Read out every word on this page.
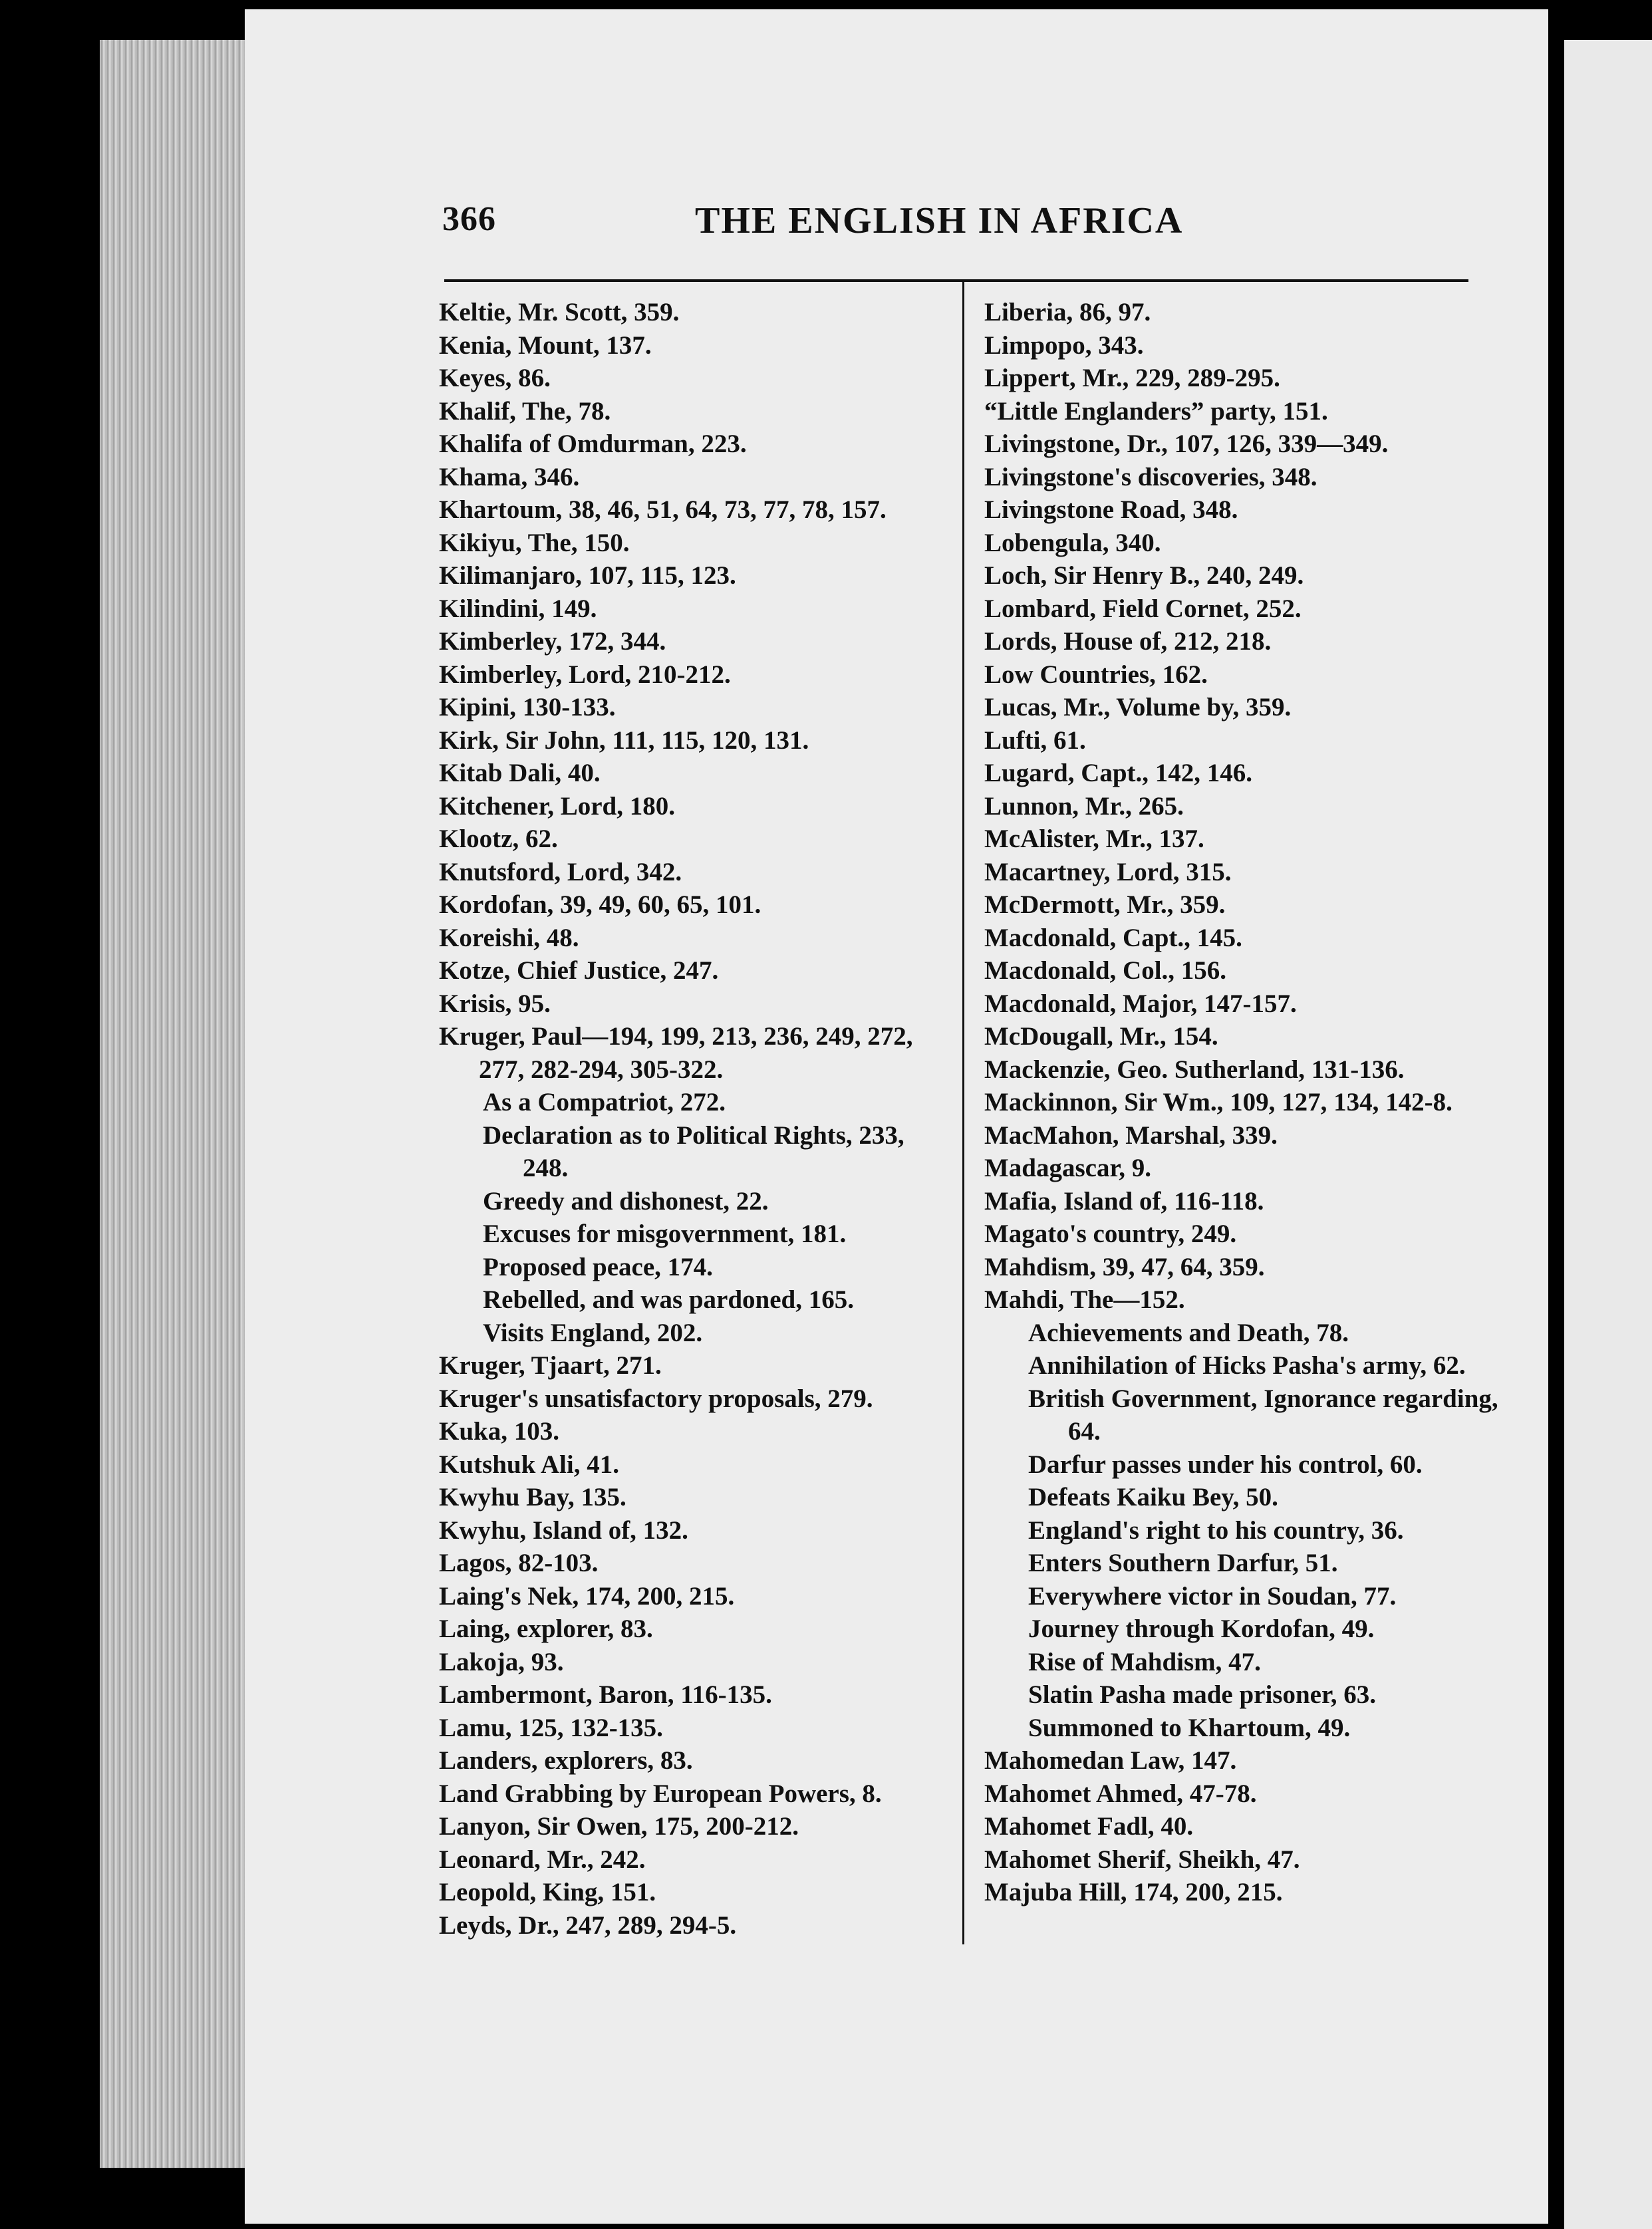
366	THE ENGLISH IN AFRICA
Keltie, Mr. Scott, 359.
Kenia, Mount, 137.
Keyes, 86.
Khalif, The, 78.
Khalifa of Omdurman, 223.
Khama, 346.
Khartoum, 38, 46, 51, 64, 73, 77, 78, 157.
Kikiyu, The, 150.
Kilimanjaro, 107, 115, 123.
Kilindini, 149.
Kimberley, 172, 344.
Kimberley, Lord, 210-212.
Kipini, 130-133.
Kirk, Sir John, 111, 115, 120, 131.
Kitab Dali, 40.
Kitchener, Lord, 180.
Klootz, 62.
Knutsford, Lord, 342.
Kordofan, 39, 49, 60, 65, 101.
Koreishi, 48.
Kotze, Chief Justice, 247.
Krisis, 95.
Kruger, Paul—194, 199, 213, 236, 249, 272, 277, 282-294, 305-322.
As a Compatriot, 272.
Declaration as to Political Rights, 233, 248.
Greedy and dishonest, 22.
Excuses for misgovernment, 181.
Proposed peace, 174.
Rebelled, and was pardoned, 165.
Visits England, 202.
Kruger, Tjaart, 271.
Kruger's unsatisfactory proposals, 279.
Kuka, 103.
Kutshuk Ali, 41.
Kwyhu Bay, 135.
Kwyhu, Island of, 132.
Lagos, 82-103.
Laing's Nek, 174, 200, 215.
Laing, explorer, 83.
Lakoja, 93.
Lambermont, Baron, 116-135.
Lamu, 125, 132-135.
Landers, explorers, 83.
Land Grabbing by European Powers, 8.
Lanyon, Sir Owen, 175, 200-212.
Leonard, Mr., 242.
Leopold, King, 151.
Leyds, Dr., 247, 289, 294-5.
Liberia, 86, 97.
Limpopo, 343.
Lippert, Mr., 229, 289-295.
“Little Englanders” party, 151.
Livingstone, Dr., 107, 126, 339—349.
Livingstone's discoveries, 348.
Livingstone Road, 348.
Lobengula, 340.
Loch, Sir Henry B., 240, 249.
Lombard, Field Cornet, 252.
Lords, House of, 212, 218.
Low Countries, 162.
Lucas, Mr., Volume by, 359.
Lufti, 61.
Lugard, Capt., 142, 146.
Lunnon, Mr., 265.
McAlister, Mr., 137.
Macartney, Lord, 315.
McDermott, Mr., 359.
Macdonald, Capt., 145.
Macdonald, Col., 156.
Macdonald, Major, 147-157.
McDougall, Mr., 154.
Mackenzie, Geo. Sutherland, 131-136.
Mackinnon, Sir Wm., 109, 127, 134, 142-8.
MacMahon, Marshal, 339.
Madagascar, 9.
Mafia, Island of, 116-118.
Magato's country, 249.
Mahdism, 39, 47, 64, 359.
Mahdi, The—152.
Achievements and Death, 78.
Annihilation of Hicks Pasha's army, 62.
British Government, Ignorance regarding, 64.
Darfur passes under his control, 60.
Defeats Kaiku Bey, 50.
England's right to his country, 36.
Enters Southern Darfur, 51.
Everywhere victor in Soudan, 77.
Journey through Kordofan, 49.
Rise of Mahdism, 47.
Slatin Pasha made prisoner, 63.
Summoned to Khartoum, 49.
Mahomedan Law, 147.
Mahomet Ahmed, 47-78.
Mahomet Fadl, 40.
Mahomet Sherif, Sheikh, 47.
Majuba Hill, 174, 200, 215.
